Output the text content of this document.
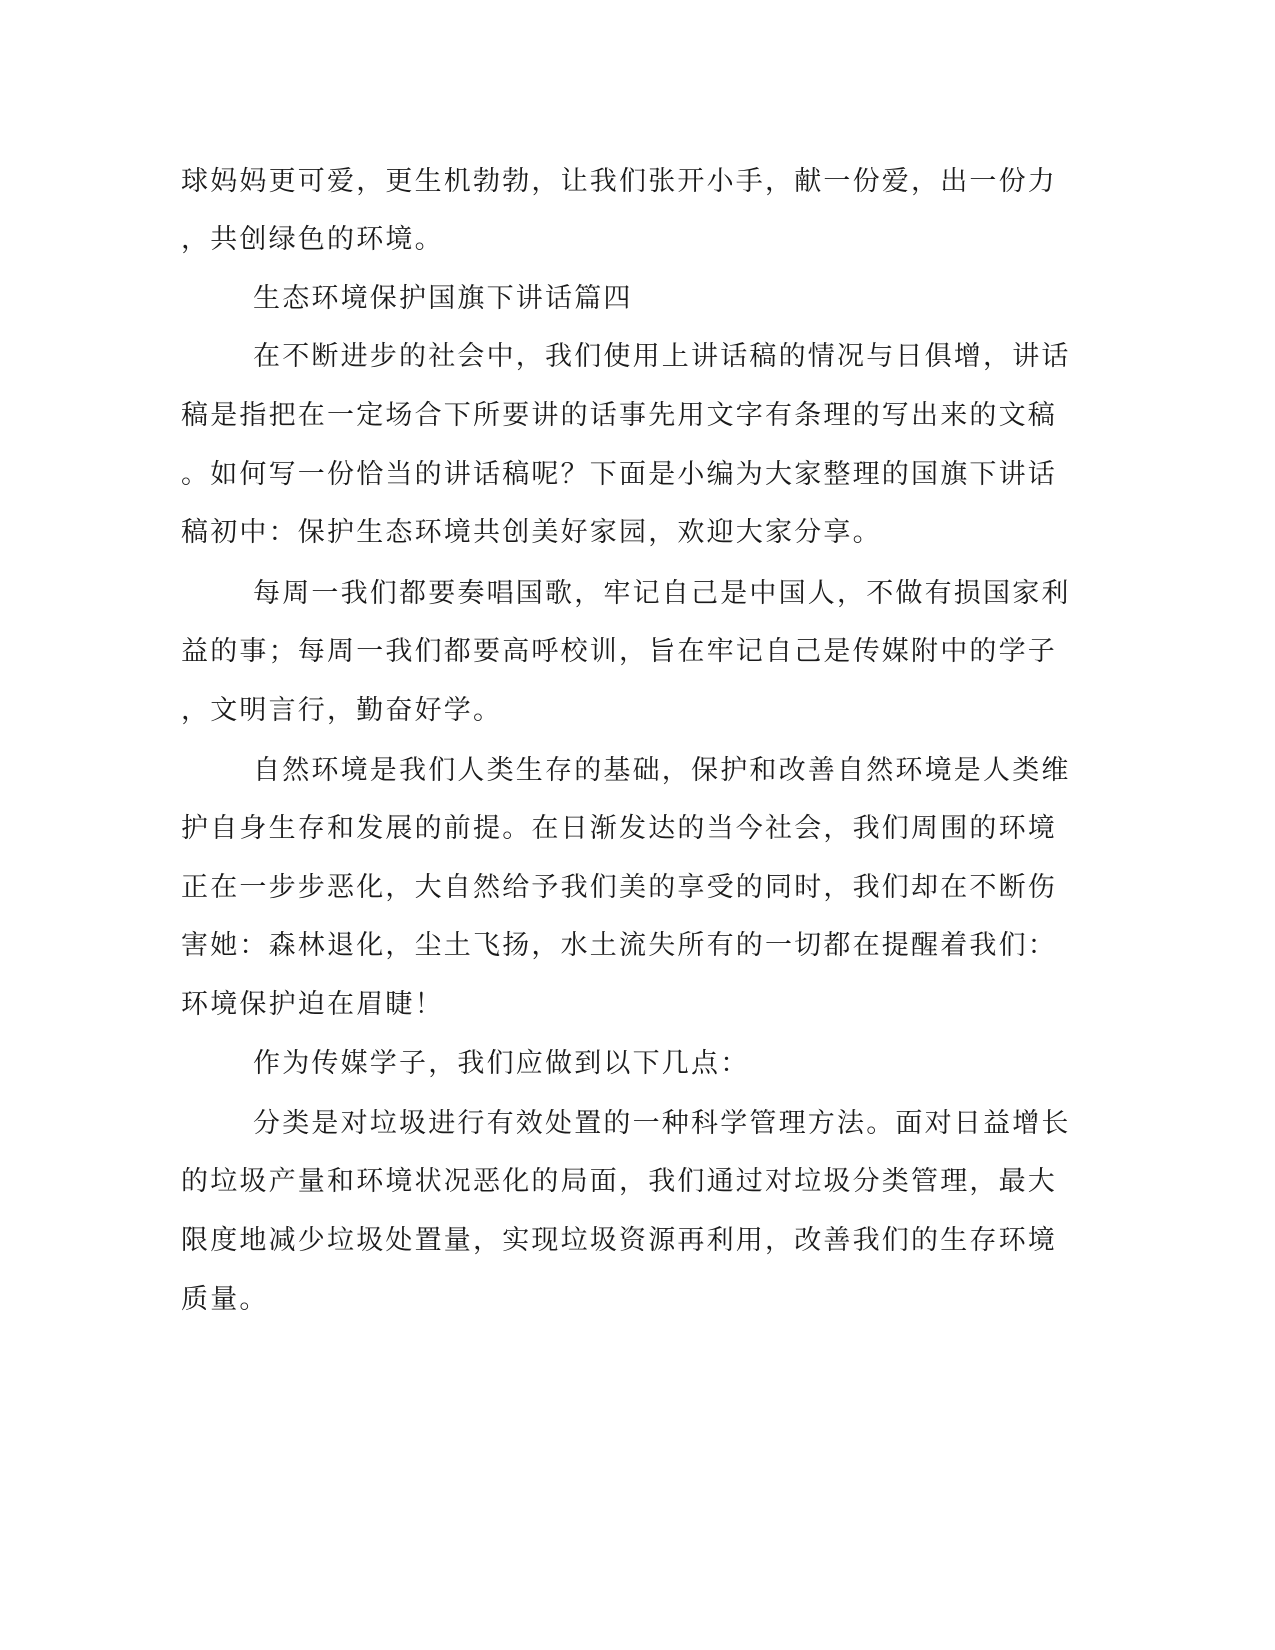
球妈妈更可爱，更生机勃勃，让我们张开小手，献一份爱，出一份力

，共创绿色的环境。

生态环境保护国旗下讲话篇四

在不断进步的社会中，我们使用上讲话稿的情况与日俱增，讲话

稿是指把在一定场合下所要讲的话事先用文字有条理的写出来的文稿

。如何写一份恰当的讲话稿呢？下面是小编为大家整理的国旗下讲话

稿初中：保护生态环境共创美好家园，欢迎大家分享。

每周一我们都要奏唱国歌，牢记自己是中国人，不做有损国家利

益的事；每周一我们都要高呼校训，旨在牢记自己是传媒附中的学子

，文明言行，勤奋好学。

自然环境是我们人类生存的基础，保护和改善自然环境是人类维

护自身生存和发展的前提。在日渐发达的当今社会，我们周围的环境

正在一步步恶化，大自然给予我们美的享受的同时，我们却在不断伤

害她：森林退化，尘土飞扬，水土流失所有的一切都在提醒着我们：

环境保护迫在眉睫！

作为传媒学子，我们应做到以下几点：

分类是对垃圾进行有效处置的一种科学管理方法。面对日益增长

的垃圾产量和环境状况恶化的局面，我们通过对垃圾分类管理，最大

限度地减少垃圾处置量，实现垃圾资源再利用，改善我们的生存环境

质量。
